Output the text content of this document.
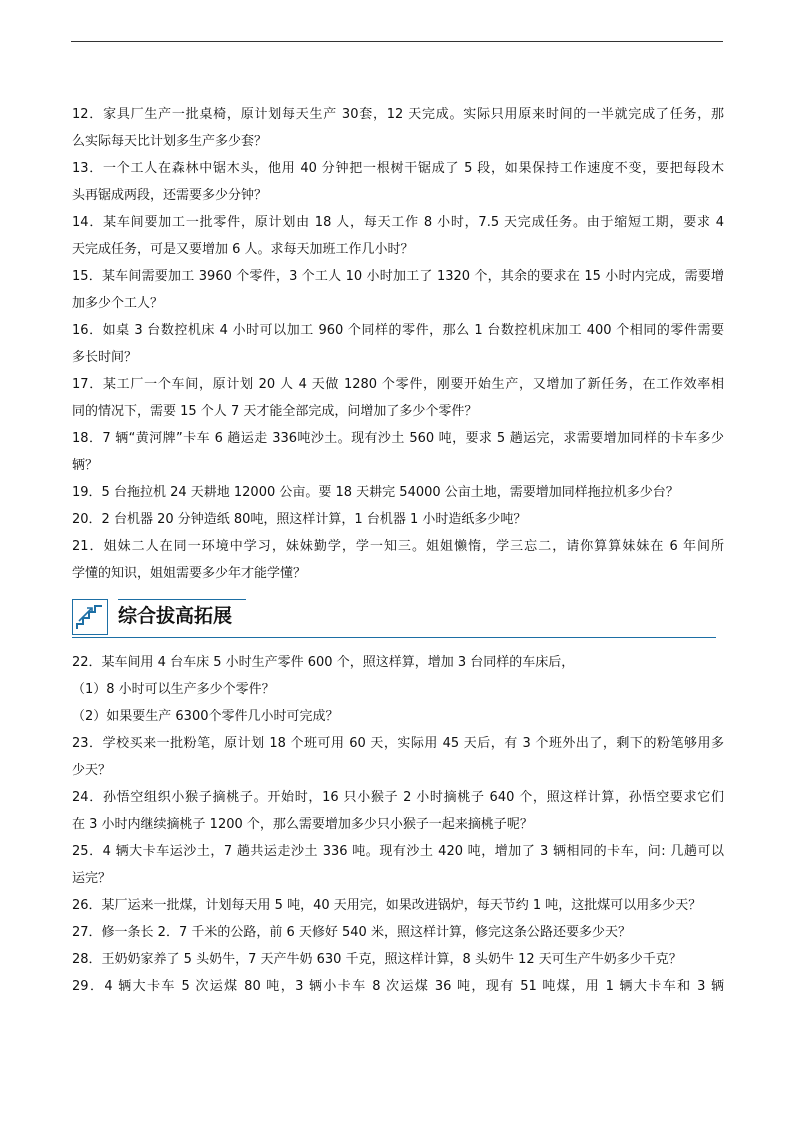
12．家具厂生产一批桌椅，原计划每天生产 30套，12 天完成。实际只用原来时间的一半就完成了任务，那
么实际每天比计划多生产多少套？
13．一个工人在森林中锯木头，他用 40 分钟把一根树干锯成了 5 段，如果保持工作速度不变，要把每段木
头再锯成两段，还需要多少分钟？
14．某车间要加工一批零件，原计划由 18 人，每天工作 8 小时，7.5 天完成任务。由于缩短工期，要求 4
天完成任务，可是又要增加 6 人。求每天加班工作几小时？
15．某车间需要加工 3960 个零件，3 个工人 10 小时加工了 1320 个，其余的要求在 15 小时内完成，需要增
加多少个工人？
16．如桌 3 台数控机床 4 小时可以加工 960 个同样的零件，那么 1 台数控机床加工 400 个相同的零件需要
多长时间？
17．某工厂一个车间，原计划 20 人 4 天做 1280 个零件，刚要开始生产，又增加了新任务，在工作效率相
同的情况下，需要 15 个人 7 天才能全部完成，问增加了多少个零件？
18．7 辆“黄河牌”卡车 6 趟运走 336吨沙土。现有沙土 560 吨，要求 5 趟运完，求需要增加同样的卡车多少
辆？
19．5 台拖拉机 24 天耕地 12000 公亩。要 18 天耕完 54000 公亩土地，需要增加同样拖拉机多少台？
20．2 台机器 20 分钟造纸 80吨，照这样计算，1 台机器 1 小时造纸多少吨？
21．姐妹二人在同一环境中学习，妹妹勤学，学一知三。姐姐懒惰，学三忘二，请你算算妹妹在 6 年间所
学懂的知识，姐姐需要多少年才能学懂？
综合拔高拓展
22．某车间用 4 台车床 5 小时生产零件 600 个，照这样算，增加 3 台同样的车床后，
（1）8 小时可以生产多少个零件？
（2）如果要生产 6300个零件几小时可完成？
23．学校买来一批粉笔，原计划 18 个班可用 60 天，实际用 45 天后，有 3 个班外出了，剩下的粉笔够用多
少天？
24．孙悟空组织小猴子摘桃子。开始时，16 只小猴子 2 小时摘桃子 640 个，照这样计算，孙悟空要求它们
在 3 小时内继续摘桃子 1200 个，那么需要增加多少只小猴子一起来摘桃子呢？
25．4 辆大卡车运沙土，7 趟共运走沙土 336 吨。现有沙土 420 吨，增加了 3 辆相同的卡车，问: 几趟可以
运完？
26．某厂运来一批煤，计划每天用 5 吨，40 天用完，如果改进锅炉，每天节约 1 吨，这批煤可以用多少天？
27．修一条长 2．7 千米的公路，前 6 天修好 540 米，照这样计算，修完这条公路还要多少天？
28．王奶奶家养了 5 头奶牛，7 天产牛奶 630 千克，照这样计算，8 头奶牛 12 天可生产牛奶多少千克？
29．4 辆大卡车 5 次运煤 80 吨，3 辆小卡车 8 次运煤 36 吨，现有 51 吨煤，用 1 辆大卡车和 3 辆
